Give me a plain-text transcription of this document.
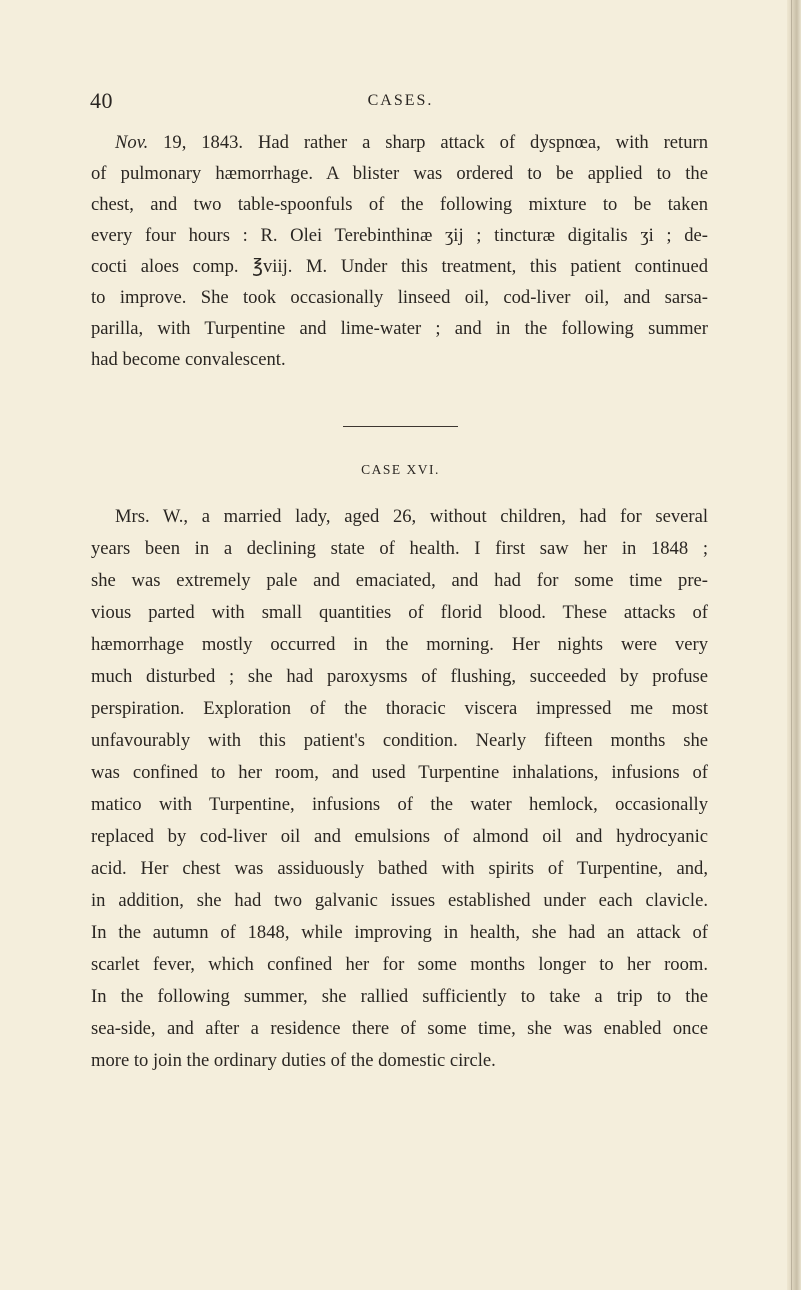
40	CASES.
Nov. 19, 1843. Had rather a sharp attack of dyspnœa, with return
of pulmonary hæmorrhage. A blister was ordered to be applied to the
chest, and two table-spoonfuls of the following mixture to be taken
every four hours : R. Olei Terebinthinæ ʒij ; tincturæ digitalis ʒi ; de-
cocti aloes comp. ℥viij. M. Under this treatment, this patient continued
to improve. She took occasionally linseed oil, cod-liver oil, and sarsa-
parilla, with Turpentine and lime-water ; and in the following summer
had become convalescent.
CASE XVI.
Mrs. W., a married lady, aged 26, without children, had for several
years been in a declining state of health. I first saw her in 1848 ;
she was extremely pale and emaciated, and had for some time pre-
vious parted with small quantities of florid blood. These attacks of
hæmorrhage mostly occurred in the morning. Her nights were very
much disturbed ; she had paroxysms of flushing, succeeded by profuse
perspiration. Exploration of the thoracic viscera impressed me most
unfavourably with this patient's condition. Nearly fifteen months she
was confined to her room, and used Turpentine inhalations, infusions of
matico with Turpentine, infusions of the water hemlock, occasionally
replaced by cod-liver oil and emulsions of almond oil and hydrocyanic
acid. Her chest was assiduously bathed with spirits of Turpentine, and,
in addition, she had two galvanic issues established under each clavicle.
In the autumn of 1848, while improving in health, she had an attack of
scarlet fever, which confined her for some months longer to her room.
In the following summer, she rallied sufficiently to take a trip to the
sea-side, and after a residence there of some time, she was enabled once
more to join the ordinary duties of the domestic circle.
